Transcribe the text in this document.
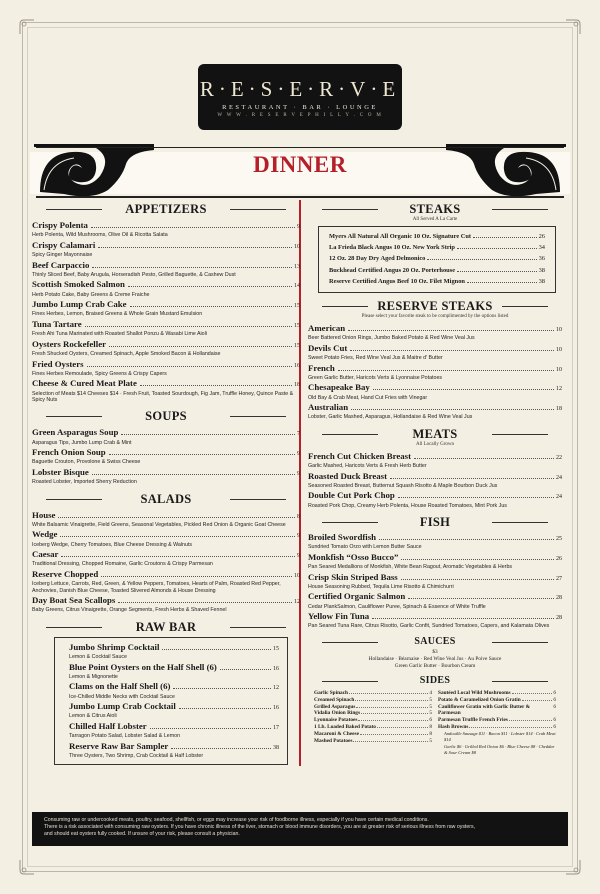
R·E·S·E·R·V·E
RESTAURANT · BAR · LOUNGE
W W W . R E S E R V E P H I L L Y . C O M
DINNER
APPETIZERS
Crispy Polenta	9
Herb Polenta, Wild Mushrooms, Olive Oil & Ricotta Salata
Crispy Calamari	10
Spicy Ginger Mayonnaise
Beef Carpaccio	13
Thinly Sliced Beef, Baby Arugula, Horseradish Pesto, Grilled Baguette, & Cashew Dust
Scottish Smoked Salmon	14
Herb Potato Cake, Baby Greens & Creme Fraiche
Jumbo Lump Crab Cake	15
Fines Herbes, Lemon, Braised Greens & Whole Grain Mustard Emulsion
Tuna Tartare	15
Fresh Ahi Tuna Marinated with Roasted Shallot Ponzu & Wasabi Lime Aioli
Oysters Rockefeller	15
Fresh Shucked Oysters, Creamed Spinach, Apple Smoked Bacon & Hollandaise
Fried Oysters	16
Fines Herbes Remoulade, Spicy Greens & Crispy Capers
Cheese & Cured Meat Plate	18
Selection of Meats $14 Cheeses $14 · Fresh Fruit, Toasted Sourdough, Fig Jam, Truffle Honey, Quince Paste & Spicy Nuts
SOUPS
Green Asparagus Soup	7
Asparagus Tips, Jumbo Lump Crab & Mint
French Onion Soup	9
Baguette Crouton, Provolone & Swiss Cheese
Lobster Bisque	9
Roasted Lobster, Imported Sherry Reduction
SALADS
House	8
White Balsamic Vinaigrette, Field Greens, Seasonal Vegetables, Pickled Red Onion & Organic Goat Cheese
Wedge	9
Iceberg Wedge, Cherry Tomatoes, Blue Cheese Dressing & Walnuts
Caesar	9
Traditional Dressing, Chopped Romaine, Garlic Croutons & Crispy Parmesan
Reserve Chopped	10
Iceberg Lettuce, Carrots, Red, Green, & Yellow Peppers, Tomatoes, Hearts of Palm, Roasted Red Pepper, Anchovies, Danish Blue Cheese, Toasted Slivered Almonds & House Dressing
Day Boat Sea Scallops	12
Baby Greens, Citrus Vinaigrette, Orange Segments, Fresh Herbs & Shaved Fennel
RAW BAR
Jumbo Shrimp Cocktail	15
Lemon & Cocktail Sauce
Blue Point Oysters on the Half Shell (6)	16
Lemon & Mignonette
Clams on the Half Shell (6)	12
Ice-Chilled Middle Necks with Cocktail Sauce
Jumbo Lump Crab Cocktail	16
Lemon & Citrus Aioli
Chilled Half Lobster	17
Tarragon Potato Salad, Lobster Salad & Lemon
Reserve Raw Bar Sampler	38
Three Oysters, Two Shrimp, Crab Cocktail & Half Lobster
STEAKS
All Served A La Carte
Myers All Natural All Organic 10 Oz. Signature Cut	26
La Frieda Black Angus 10 Oz. New York Strip	34
12 Oz. 28 Day Dry Aged Delmonico	36
Buckhead Certified Angus 20 Oz. Porterhouse	38
Reserve Certified Angus Beef 10 Oz. Filet Mignon	38
RESERVE STEAKS
Please select your favorite steak to be complimented by the options listed
American	10
Beer Battered Onion Rings, Jumbo Baked Potato & Red Wine Veal Jus
Devils Cut	10
Sweet Potato Fries, Red Wine Veal Jus & Maitre d' Butter
French	10
Green Garlic Butter, Haricots Verts & Lyonnaise Potatoes
Chesapeake Bay	12
Old Bay & Crab Meat, Hand Cut Fries with Vinegar
Australian	18
Lobster, Garlic Mashed, Asparagus, Hollandaise & Red Wine Veal Jus
MEATS
All Locally Grown
French Cut Chicken Breast	22
Garlic Mashed, Haricots Verts & Fresh Herb Butter
Roasted Duck Breast	24
Seasoned Roasted Breast, Butternut Squash Risotto & Maple Bourbon Duck Jus
Double Cut Pork Chop	24
Roasted Pork Chop, Creamy Herb Polenta, House Roasted Tomatoes, Mint Pork Jus
FISH
Broiled Swordfish	25
Sundried Tomato Orzo with Lemon Butter Sauce
Monkfish “Osso Bucco”	26
Pan Seared Medallions of Monkfish, White Bean Ragout, Aromatic Vegetables & Herbs
Crisp Skin Striped Bass	27
House Seasoning Rubbed, Tequila Lime Risotto & Chimichurri
Certified Organic Salmon	28
Cedar PlankSalmon, Cauliflower Puree, Spinach & Essence of White Truffle
Yellow Fin Tuna	28
Pan Seared Tuna Rare, Citrus Risotto, Garlic Confit, Sundried Tomatoes, Capers, and Kalamata Olives
SAUCES
$3
Hollandaise · Béarnaise · Red Wine Veal Jus · Au Poive Sauce
Green Garlic Butter · Bourbon Cream
SIDES
Garlic Spinach	4
Creamed Spinach	5
Grilled Asparagus	5
Vidalia Onion Rings	5
Lyonnaise Potatoes	6
1 Lb. Loaded Baked Potato	8
Macaroni & Cheese	8
Mashed Potatoes	5
Sautéed Local Wild Mushrooms	6
Potato & Caramelized Onion Gratin	6
Cauliflower Gratin with Garlic Butter & Parmesan
6
Parmesan Truffle French Fries	6
Hash Browns	6
Andouille Sausage $11 · Bacon $11 · Lobster $14 · Crab Meat $14
Garlic $6 · Grilled Red Onion $6 · Blue Cheese $8 · Cheddar & Sour Cream $8
Consuming raw or undercooked meats, poultry, seafood, shellfish, or eggs may increase your risk of foodborne illness, especially if you have certain medical conditions.
There is a risk associated with consuming raw oysters. If you have chronic illness of the liver, stomach or blood immune disorders, you are at greater risk of serious illness from raw oysters,
and should eat oysters fully cooked. If unsure of your risk, please consult a physician.
